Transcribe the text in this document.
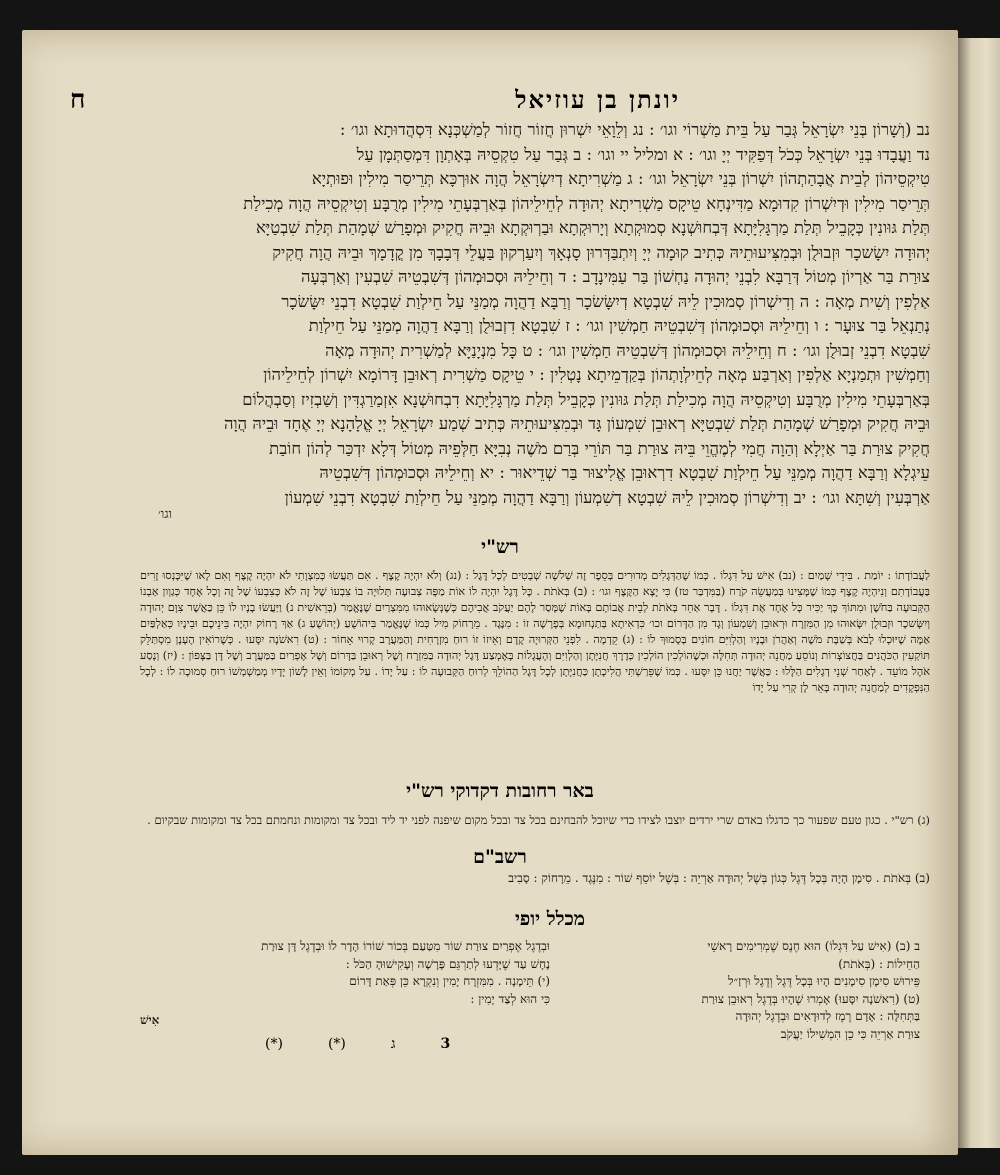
יונתן בן עוזיאל
ח

נב (וְשָׁרוֹן בְּנֵי יִשְׂרָאֵל גְּבַר עַל בֵּית מַשְׁרוֹי וגו׳ : נג וְלֵוָאֵי יִשְׁרוּן חֲזוֹר חֲזוֹר לְמַשְׁכְּנָא דִּסְהֲדוּתָא וגו׳ :

נד וַעֲבָדוּ בְּנֵי יִשְׂרָאֵל כְּכֹל דְּפַקִּיד יְיָ וגו׳ : א ומליל יי וגו׳ : ב גְּבַר עַל טִקְסֵיהּ בְּאָתְוָן דִּמְסַתְּמָן עַל

טִיקְסֵיהוֹן לְבֵית אֲבָהַתְהוֹן יִשְׁרוֹן בְּנֵי יִשְׂרָאֵל וגו׳ : ג מַשְׁרִיתָא דְיִשְׂרָאֵל הֲוָה אוּרְכָּא תְּרֵיסַר מִילִין וּפוּתְיָא

תְּרֵיסַר מִילִין וּדְיִשְׁרוֹן קִדוּמָא מַדִּינְחָא טֵיקָס מַשְׁרִיתָא יְהוּדָה לְחֵילֵיהוֹן בְּאַרְבְּעָתֵי מִילִין מְרֻבָּע וְטִיקְסֵיהּ הֲוָה מְכִילַת

תְּלַת גּוּונִין כְּקָבֵיל תְּלַת מַרְגָּלִיָּתָא דְּבְחוּשְׁנָא סְמוּקְתָא וְיָרוּקְתָא וּבַרְוּקְתָא וּבֵיהּ חֲקִיק וּמְפָרַשׁ שְׁמָהַת תְּלַת שִׁבְטַיָּא

יְהוּדָה יִשָׂשכָר וּזְבוּלֻן וּבְמִצִּיעוּתֵיהּ כְּתִיב קוּמָה יְיָ וְיִתְבַּדְּרוּן סָנְאָךְ וְיִעַרְקוּן בַּעֲלֵי דְּבָבָךְ מִן קֳדָמָךְ וּבֵיהּ הֲוָה חֲקִיק

צוּרַת בַּר אַרְיוֹן מְטוֹל דְּרַבָּא לִבְנֵי יְהוּדָה נַחְשׁוֹן בַּר עַמִּינָדָב : ד וְחֵילֵיהּ וּסְכוּמְהוֹן דְּשִׁבְטֵיהּ שִׁבְעִין וְאַרְבְּעָה

אַלְפִין וְשִׁית מְאָה : ה וְדִישְׁרוֹן סְמוּכִין לֵיהּ שִׁבְטָא דְיִשָּׂשׂכָר וְרַבָּא דַהֲוָה מְמַנֵּי עַל חֵילְוַת שִׁבְטָא דִבְנֵי יִשָּׂשׂכָר

נְתַנְאֵל בַּר צוּעָר : ו וְחֵילֵיהּ וּסְכוּמְהוֹן דְּשִׁבְטֵיהּ חַמְשִׁין וגו׳ : ז שִׁבְטָא דִזְבוּלֻן וְרַבָּא דַהֲוָה מְמַנֵּי עַל חֵילְוַת

שִׁבְטָא דִבְנֵי זְבוּלֻן וגו׳ : ח וְחֵילֵיהּ וּסְכוּמְהוֹן דְּשִׁבְטֵיהּ חַמְשִׁין וגו׳ : ט כָּל מִנְיָנַיָּא לְמַשְׁרִית יְהוּדָה מְאָה

וְחַמְשִׁין וּתְמַנְיָא אַלְפִין וְאַרְבַּע מְאָה לְחֵילְוָתְהוֹן בְּקַדְמֵיתָא נָטְלִין : י טֵיקָס מַשְׁרִית רְאוּבֵן דָּרוֹמָא יִשְׁרוֹן לְחֵילֵיהוֹן

בְּאַרְבְּעָתֵי מִילִין מְרֻבָּע וְטִיקְסֵיהּ הֲוָה מְכִילַת תְּלַת גּוּונִין כְּקָבֵיל תְּלַת מַרְגָּלִיָּתָא דִבְחוּשְׁנָא אִזְמַרַגְדִּין וְשַׁבְזִיז וְסַבְהֲלוֹם

וּבֵיהּ חֲקִיק וּמְפָרַשׁ שְׁמָהַת תְּלַת שִׁבְטַיָּא רְאוּבֵן שִׁמְעוֹן גָּד וּבְמִצִּיעוּתֵיהּ כְּתִיב שְׁמַע יִשְׂרָאֵל יְיָ אֱלָהָנָא יְיָ אֶחָד וּבֵיהּ הֲוָה

חֲקִיק צוּרַת בַּר אַיְלָא וְהַוָה חֲמִי לְמֶהֱוֵי בֵּיהּ צוּרַת בַּר תּוֹרֵי בְּרַם מֹשֶׁה נְבִיָּא חַלְּפֵיהּ מְטוֹל דְּלָא יִדְכַּר לְהוֹן חוֹבַת

עֵיגְלָא וְרַבָּא דַהֲוָה מְמַנֵּי עַל חֵילְוַת שִׁבְטָא דִרְאוּבֵן אֱלִיצוּר בַּר שְׁדֵיאוּר : יא וְחֵילֵיהּ וּסְכוּמְהוֹן דְּשִׁבְטֵיהּ

אַרְבְּעִין וְשִׁתָּא וגו׳ : יב וְדִישְׁרוֹן סְמוּכִין לֵיהּ שִׁבְטָא דְשִׁמְעוֹן וְרַבָּא דַהֲוָה מְמַנֵּי עַל חֵילְוַת שִׁבְטָא דִבְנֵי שִׁמְעוֹן

וגו׳
רש"י
לַעֲבוֹדָתוֹ : יוֹמַת . בִּידֵי שָׁמַיִם : (נב) אִישׁ עַל דִּגְלוֹ . כְּמוֹ שֶׁהַדְּגָלִים מְדוּרִים בְּסֵפֶר זֶה שְׁלֹשָׁה שְׁבָטִים לְכָל דֶּגֶל : (נג) וְלֹא יִהְיֶה קֶצֶף . אִם תַּעֲשׂוּ כְּמִצְוָתִי לֹא יִהְיֶה קֶצֶף וְאִם לָאו שֶׁיִּכָּנְסוּ זָרִים בַּעֲבוֹדָתִם וְנִיהְיֶה קֶצֶף כְּמוֹ שֶׁמָּצִינוּ בְּמַעֲשֵׂה קֹרַח (בַּמִּדְבַּר טז) כִּי יָצָא הַקֶּצֶף וגו׳ : (ב) בְּאֹתֹת . כָּל דֶּגֶל יִהְיֶה לוֹ אוֹת מַפָּה צְבוּעָה תְּלוּיָה בוֹ צִבְעוֹ שֶׁל זֶה לֹא כְּצִבְעוֹ שֶׁל זֶה וְכָל אֶחָד כְּגַוְון אַבְנוֹ הַקְּבוּעָה בַּחֹשֶׁן וּמִתּוֹךְ כָּךְ יַכִּיר כָּל אֶחָד אֶת דִּגְלוֹ . דָּבָר אַחֵר בְּאֹתֹת לְבֵית אֲבוֹתָם בָּאוֹת שֶׁמָּסַר לָהֶם יַעֲקֹב אֲבִיהֶם כְּשֶׁנְּשָׂאוּהוּ מִמִּצְרַיִם שֶׁנֶּאֱמַר (בְּרֵאשִׁית נ) וַיַּעֲשׂוּ בָנָיו לוֹ כֵּן כַּאֲשֶׁר צִוָּם יְהוּדָה וְיִשָּׂשכָר וּזְבוּלֻן יִשָּׂאוּהוּ מִן הַמִּזְרָח וּרְאוּבֵן וְשִׁמְעוֹן וְגָד מִן הַדָּרוֹם וכו׳ כִּדְאִיתָא בְּתַנְחוּמָא בְּפָרָשָׁה זוֹ : מִנֶּגֶד . מֵרָחוֹק מִיל כְּמוֹ שֶׁנֶּאֱמַר בִּיהוֹשֻׁעַ (יְהוֹשֻׁעַ ג) אַךְ רָחוֹק יִהְיֶה בֵּינֵיכֶם וּבֵינָיו כְּאַלְפַּיִם אַמָּה שֶׁיּוּכְלוּ לָבֹא בְּשַׁבָּת מֹשֶׁה וְאַהֲרֹן וּבָנָיו וְהַלְוִיִּם חוֹנִים בְּסָמוּךְ לוֹ : (ג) קֵדְמָה . לִפְנֵי הַקְּרוּיָה קֶדֶם וְאֵיזוֹ זוֹ רוּחַ מִזְרָחִית וְהַמַּעֲרָב קָרוּי אָחוֹר : (ט) רִאשֹׁנָה יִסָּעוּ . כְּשֶׁרוֹאִין הֶעָנָן מִסְתַּלֵּק תּוֹקְעִין הַכֹּהֲנִים בַּחֲצוֹצְרוֹת וְנוֹסֵעַ מַחֲנֵה יְהוּדָה תְּחִלָּה וּכְשֶׁהוֹלְכִין הוֹלְכִין כְּדֶרֶךְ חֲנִיָּתָן וְהַלְוִיִּם וְהָעֲגָלוֹת בָּאֶמְצַע דֶּגֶל יְהוּדָה בַּמִּזְרָח וְשֶׁל רְאוּבֵן בַּדָּרוֹם וְשֶׁל אֶפְרַיִם בַּמַּעֲרָב וְשֶׁל דָּן בַּצָּפוֹן : (יז) וְנָסַע אֹהֶל מוֹעֵד . לְאַחַר שְׁנֵי דְגָלִים הַלָּלוּ : כַּאֲשֶׁר יַחֲנוּ כֵּן יִסָּעוּ . כְּמוֹ שֶׁפֵּרַשְׁתִּי הֲלִיכָתָן כַּחֲנִיָּתָן לְכָל דֶּגֶל הַהוֹלֵךְ לְרוּחַ הַקְּבוּעָה לוֹ : עַל יָדוֹ . עַל מְקוֹמוֹ וְאֵין לָשׁוֹן יָדָיו מְמַשְׁמְשׁוֹ רוּחַ סְמוּכָה לוֹ : לְכָל הַנִּפְקָדִים לְמַחֲנֵה יְהוּדָה בָּאֵר לָן קְרִי עַל יָדוֹ
באר רחובות דקדוקי רש"י
(ג) רש"י . כגון טעם שפעור כך כדגלו באדם שרי ירדים יוצבו לצידו כדי שיוכל להבחינם בכל צד ובכל מקום שיפנה לפני יד ליד ובכל צד ומקומות ונחמתם בכל צד ומקומות שבקיום .
רשב"ם
(ב) בְּאֹתֹת . סִימָן הָיָה בְּכָל דֶּגֶל כְּגוֹן בְּשֶׁל יְהוּדָה אַרְיֵה : בְּשֶׁל יוֹסֵף שׁוֹר : מִנֶּגֶד . מֵרָחוֹק : סָבִיב
מכלל יופי
ב (ב) (אִישׁ עַל דִּגְלוֹ) הוּא חֶנֶס שֶׁמְרִימִים רָאשֵׁי
הַחֵילוֹת : (בְּאֹתֹת)
פֵּירוּשׁ סִימָן סִימָנִים הָיוּ בְּכָל דֶּגֶל וְדֶגֶל וּרְזַ״ל
(ט) (רִאשֹׁנָה יִסָּעוּ) אָמְרוּ שֶׁהָיוּ בְּדֶגֶל רְאוּבֵן צוּרַת
בַּתְּחִלָּה : אָדָם רֶמֶז לְדוּדָאִים וּבְדֶגֶל יְהוּדָה
צוּרַת אַרְיֵה כִּי כֵן הִמְשִׁילוֹ יַעֲקֹב
וּבְדֶגֶל אֶפְרַיִם צוּרַת שׁוֹר מִטַּעַם בְּכוֹר שׁוֹרוֹ הָדָר לוֹ וּבְדֶגֶל דָּן צוּרַת
נָחָשׁ עַד שֶׁיָּדְעוּ לְתַרְגֵּם פָּרָשָׁה וְעָקִישׁוּהָ הַכֹּל :
(י) תֵּימָנָה . מִמִּזְרָח יָמִין וְנִקְרָא כֵּן פְּאַת דָּרוֹם
כִּי הוּא לְצַד יָמִין :
אִישׁ
(*)	(*)	ג	3
